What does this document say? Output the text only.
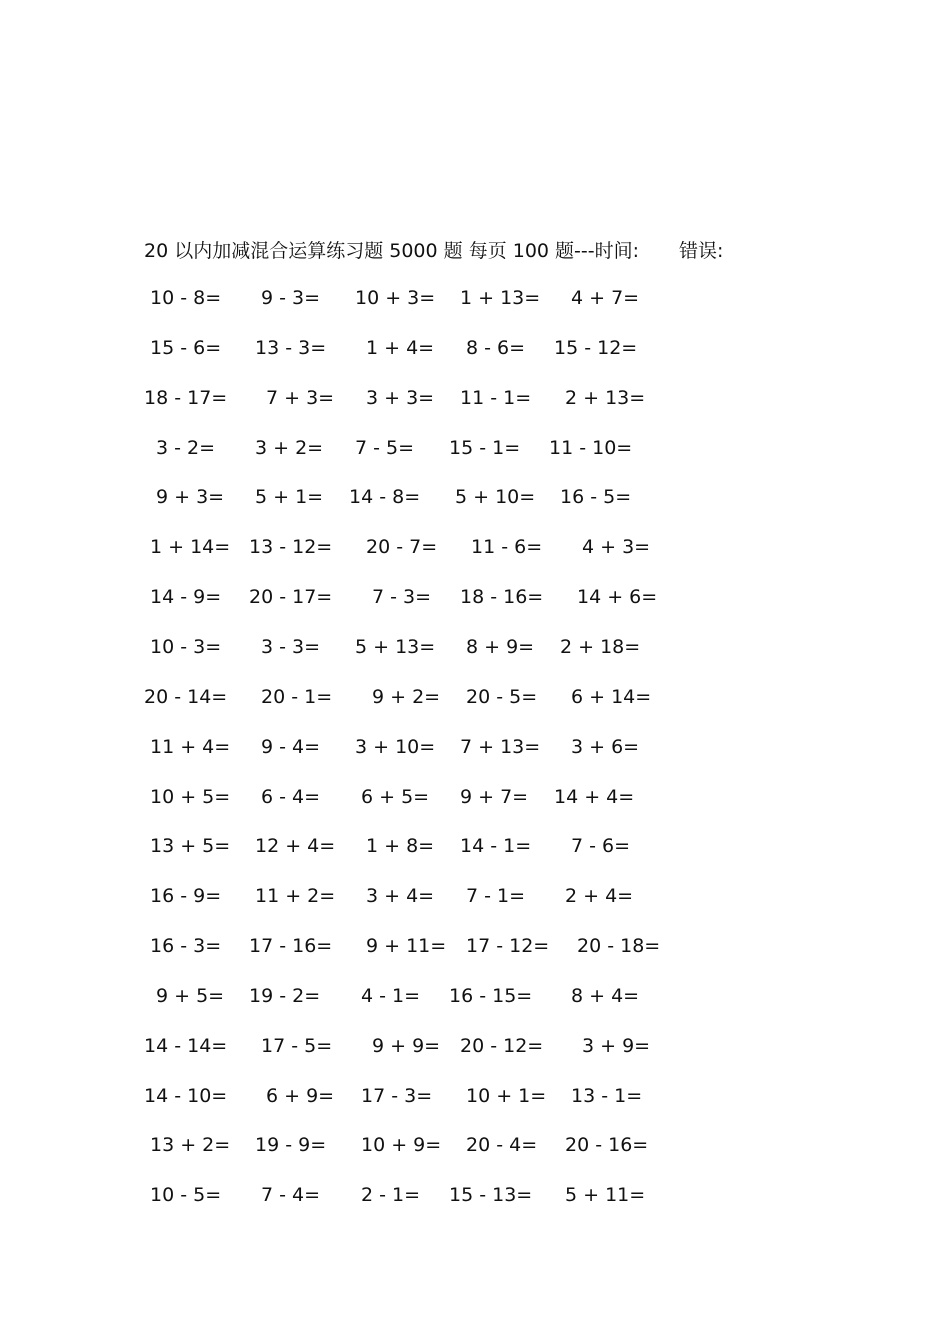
20 以内加减混合运算练习题 5000 题 每页 100 题---时间: 错误:
10 - 8= 9 - 3= 10 + 3= 1 + 13= 4 + 7=
15 - 6= 13 - 3= 1 + 4= 8 - 6= 15 - 12=
18 - 17= 7 + 3= 3 + 3= 11 - 1= 2 + 13=
3 - 2= 3 + 2= 7 - 5= 15 - 1= 11 - 10=
9 + 3= 5 + 1= 14 - 8= 5 + 10= 16 - 5=
1 + 14= 13 - 12= 20 - 7= 11 - 6= 4 + 3=
14 - 9= 20 - 17= 7 - 3= 18 - 16= 14 + 6=
10 - 3= 3 - 3= 5 + 13= 8 + 9= 2 + 18=
20 - 14= 20 - 1= 9 + 2= 20 - 5= 6 + 14=
11 + 4= 9 - 4= 3 + 10= 7 + 13= 3 + 6=
10 + 5= 6 - 4= 6 + 5= 9 + 7= 14 + 4=
13 + 5= 12 + 4= 1 + 8= 14 - 1= 7 - 6=
16 - 9= 11 + 2= 3 + 4= 7 - 1= 2 + 4=
16 - 3= 17 - 16= 9 + 11= 17 - 12= 20 - 18=
9 + 5= 19 - 2= 4 - 1= 16 - 15= 8 + 4=
14 - 14= 17 - 5= 9 + 9= 20 - 12= 3 + 9=
14 - 10= 6 + 9= 17 - 3= 10 + 1= 13 - 1=
13 + 2= 19 - 9= 10 + 9= 20 - 4= 20 - 16=
10 - 5= 7 - 4= 2 - 1= 15 - 13= 5 + 11=
